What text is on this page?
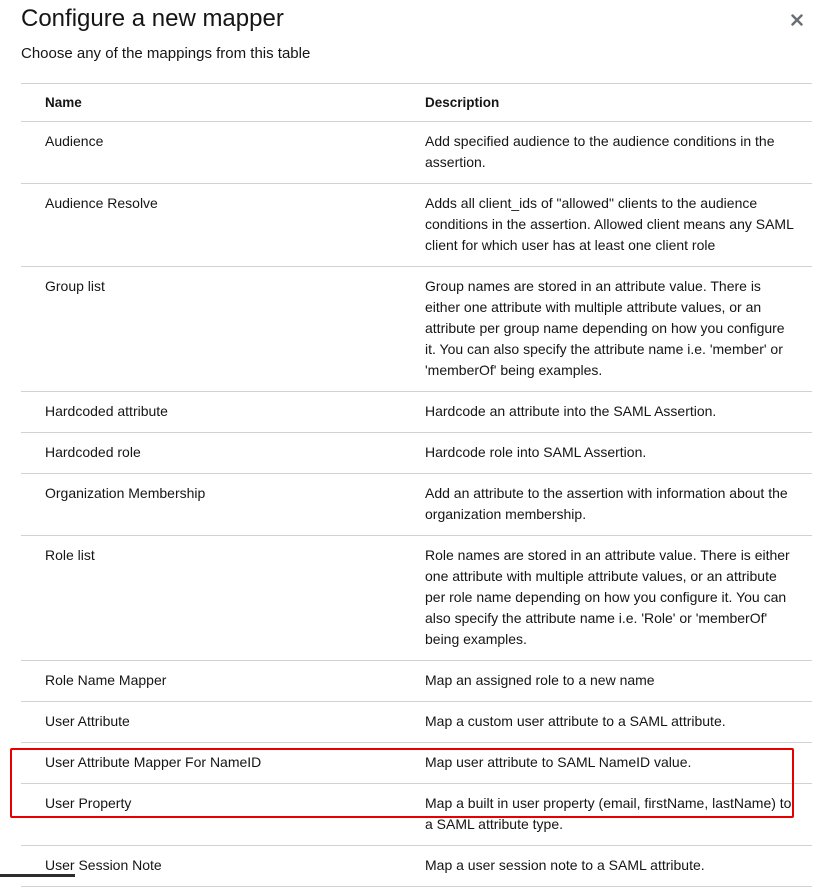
Configure a new mapper

Choose any of the mappings from this table

Name	Description
Audience	Add specified audience to the audience conditions in the assertion.
Audience Resolve	Adds all client_ids of "allowed" clients to the audience conditions in the assertion. Allowed client means any SAML client for which user has at least one client role
Group list	Group names are stored in an attribute value. There is either one attribute with multiple attribute values, or an attribute per group name depending on how you configure it. You can also specify the attribute name i.e. 'member' or 'memberOf' being examples.
Hardcoded attribute	Hardcode an attribute into the SAML Assertion.
Hardcoded role	Hardcode role into SAML Assertion.
Organization Membership	Add an attribute to the assertion with information about the organization membership.
Role list	Role names are stored in an attribute value. There is either one attribute with multiple attribute values, or an attribute per role name depending on how you configure it. You can also specify the attribute name i.e. 'Role' or 'memberOf' being examples.
Role Name Mapper	Map an assigned role to a new name
User Attribute	Map a custom user attribute to a SAML attribute.
User Attribute Mapper For NameID	Map user attribute to SAML NameID value.
User Property	Map a built in user property (email, firstName, lastName) to a SAML attribute type.
User Session Note	Map a user session note to a SAML attribute.
